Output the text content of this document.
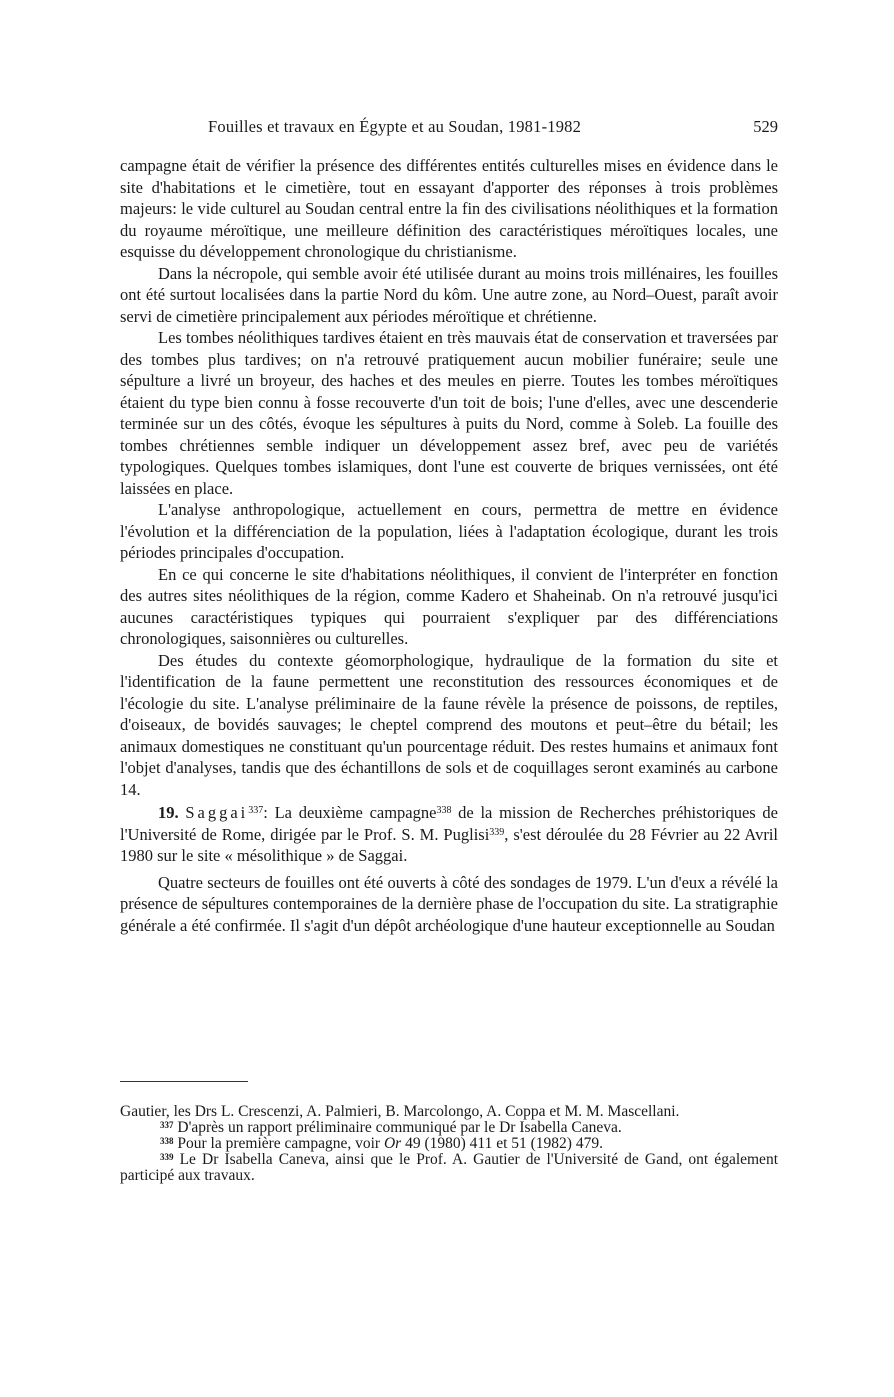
Fouilles et travaux en Égypte et au Soudan, 1981-1982	529

campagne était de vérifier la présence des différentes entités culturelles mises en évidence dans le site d'habitations et le cimetière, tout en essayant d'apporter des réponses à trois problèmes majeurs: le vide culturel au Soudan central entre la fin des civilisations néolithiques et la formation du royaume méroïtique, une meilleure définition des caractéristiques méroïtiques locales, une esquisse du développement chronologique du christianisme.

Dans la nécropole, qui semble avoir été utilisée durant au moins trois millénaires, les fouilles ont été surtout localisées dans la partie Nord du kôm. Une autre zone, au Nord–Ouest, paraît avoir servi de cimetière principalement aux périodes méroïtique et chrétienne.

Les tombes néolithiques tardives étaient en très mauvais état de conservation et traversées par des tombes plus tardives; on n'a retrouvé pratiquement aucun mobilier funéraire; seule une sépulture a livré un broyeur, des haches et des meules en pierre. Toutes les tombes méroïtiques étaient du type bien connu à fosse recouverte d'un toit de bois; l'une d'elles, avec une descenderie terminée sur un des côtés, évoque les sépultures à puits du Nord, comme à Soleb. La fouille des tombes chrétiennes semble indiquer un développement assez bref, avec peu de variétés typologiques. Quelques tombes islamiques, dont l'une est couverte de briques vernissées, ont été laissées en place.

L'analyse anthropologique, actuellement en cours, permettra de mettre en évidence l'évolution et la différenciation de la population, liées à l'adaptation écologique, durant les trois périodes principales d'occupation.

En ce qui concerne le site d'habitations néolithiques, il convient de l'interpréter en fonction des autres sites néolithiques de la région, comme Kadero et Shaheinab. On n'a retrouvé jusqu'ici aucunes caractéristiques typiques qui pourraient s'expliquer par des différenciations chronologiques, saisonnières ou culturelles.

Des études du contexte géomorphologique, hydraulique de la formation du site et l'identification de la faune permettent une reconstitution des ressources économiques et de l'écologie du site. L'analyse préliminaire de la faune révèle la présence de poissons, de reptiles, d'oiseaux, de bovidés sauvages; le cheptel comprend des moutons et peut–être du bétail; les animaux domestiques ne constituant qu'un pourcentage réduit. Des restes humains et animaux font l'objet d'analyses, tandis que des échantillons de sols et de coquillages seront examinés au carbone 14.

19. Saggai$^{337}$: La deuxième campagne$^{338}$ de la mission de Recherches préhistoriques de l'Université de Rome, dirigée par le Prof. S. M. Puglisi$^{339}$, s'est déroulée du 28 Février au 22 Avril 1980 sur le site « mésolithique » de Saggai.

Quatre secteurs de fouilles ont été ouverts à côté des sondages de 1979. L'un d'eux a révélé la présence de sépultures contemporaines de la dernière phase de l'occupation du site. La stratigraphie générale a été confirmée. Il s'agit d'un dépôt archéologique d'une hauteur exceptionnelle au Soudan

Gautier, les Drs L. Crescenzi, A. Palmieri, B. Marcolongo, A. Coppa et M. M. Mascellani.

$^{337}$ D'après un rapport préliminaire communiqué par le Dr Isabella Caneva.

$^{338}$ Pour la première campagne, voir Or 49 (1980) 411 et 51 (1982) 479.

$^{339}$ Le Dr Isabella Caneva, ainsi que le Prof. A. Gautier de l'Université de Gand, ont également participé aux travaux.
